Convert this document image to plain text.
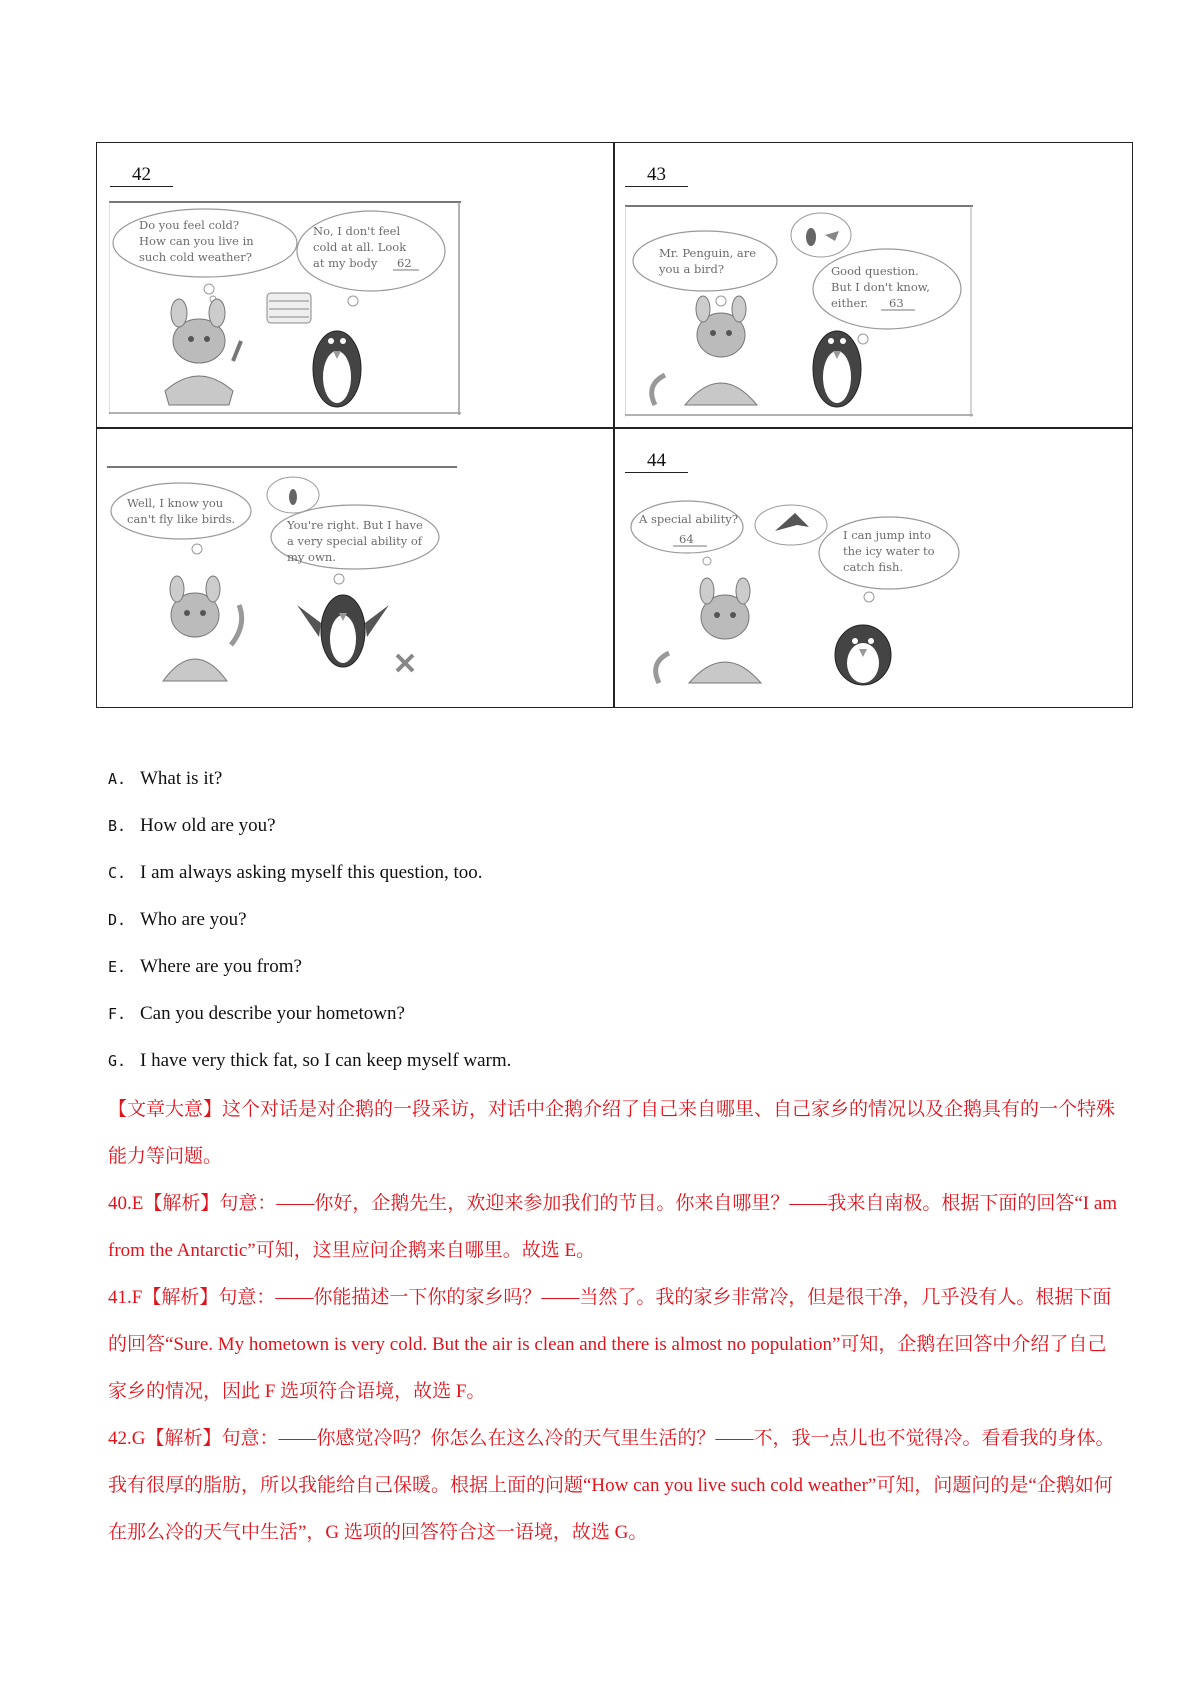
42
Do you feel cold?
How can you live in
such cold weather?
No, I don't feel
cold at all. Look
at my body 62
43
Mr. Penguin, are
you a bird?	Good question.
But I don't know,
either. 63
Well, I know you
can't fly like birds.	You're right. But I have
a very special ability of
my own.
44
A special ability?
64	I can jump into
the icy water to
catch fish.
A. What is it?
B. How old are you?
C. I am always asking myself this question, too.
D. Who are you?
E. Where are you from?
F. Can you describe your hometown?
G. I have very thick fat, so I can keep myself warm.

【文章大意】这个对话是对企鹅的一段采访，对话中企鹅介绍了自己来自哪里、自己家乡的情况以及企鹅具有的一个特殊能力等问题。

40.E【解析】句意：——你好，企鹅先生，欢迎来参加我们的节目。你来自哪里？——我来自南极。根据下面的回答“I am from the Antarctic”可知，这里应问企鹅来自哪里。故选 E。

41.F【解析】句意：——你能描述一下你的家乡吗？——当然了。我的家乡非常冷，但是很干净，几乎没有人。根据下面的回答“Sure. My hometown is very cold. But the air is clean and there is almost no population”可知，企鹅在回答中介绍了自己家乡的情况，因此 F 选项符合语境，故选 F。

42.G【解析】句意：——你感觉冷吗？你怎么在这么冷的天气里生活的？——不，我一点儿也不觉得冷。看看我的身体。我有很厚的脂肪，所以我能给自己保暖。根据上面的问题“How can you live such cold weather”可知，问题问的是“企鹅如何在那么冷的天气中生活”，G 选项的回答符合这一语境，故选 G。
